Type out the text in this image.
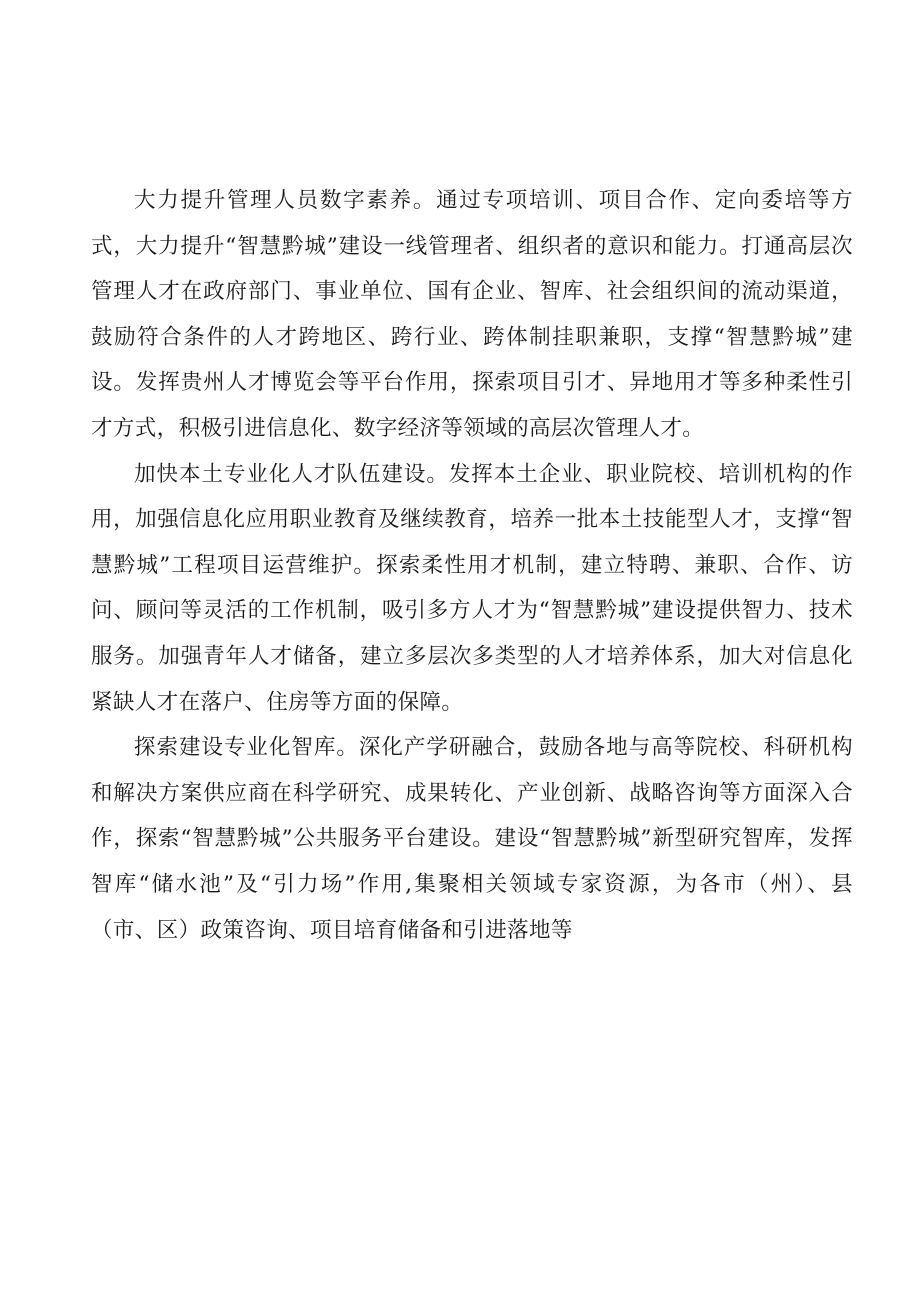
大力提升管理人员数字素养。通过专项培训、项目合作、定向委培等方式，大力提升“智慧黔城”建设一线管理者、组织者的意识和能力。打通高层次管理人才在政府部门、事业单位、国有企业、智库、社会组织间的流动渠道，鼓励符合条件的人才跨地区、跨行业、跨体制挂职兼职，支撑“智慧黔城”建设。发挥贵州人才博览会等平台作用，探索项目引才、异地用才等多种柔性引才方式，积极引进信息化、数字经济等领域的高层次管理人才。

加快本土专业化人才队伍建设。发挥本土企业、职业院校、培训机构的作用，加强信息化应用职业教育及继续教育，培养一批本土技能型人才，支撑“智慧黔城”工程项目运营维护。探索柔性用才机制，建立特聘、兼职、合作、访问、顾问等灵活的工作机制，吸引多方人才为“智慧黔城”建设提供智力、技术服务。加强青年人才储备，建立多层次多类型的人才培养体系，加大对信息化紧缺人才在落户、住房等方面的保障。

探索建设专业化智库。深化产学研融合，鼓励各地与高等院校、科研机构和解决方案供应商在科学研究、成果转化、产业创新、战略咨询等方面深入合作，探索“智慧黔城”公共服务平台建设。建设“智慧黔城”新型研究智库，发挥智库“储水池”及“引力场”作用,集聚相关领域专家资源，为各市（州）、县（市、区）政策咨询、项目培育储备和引进落地等
